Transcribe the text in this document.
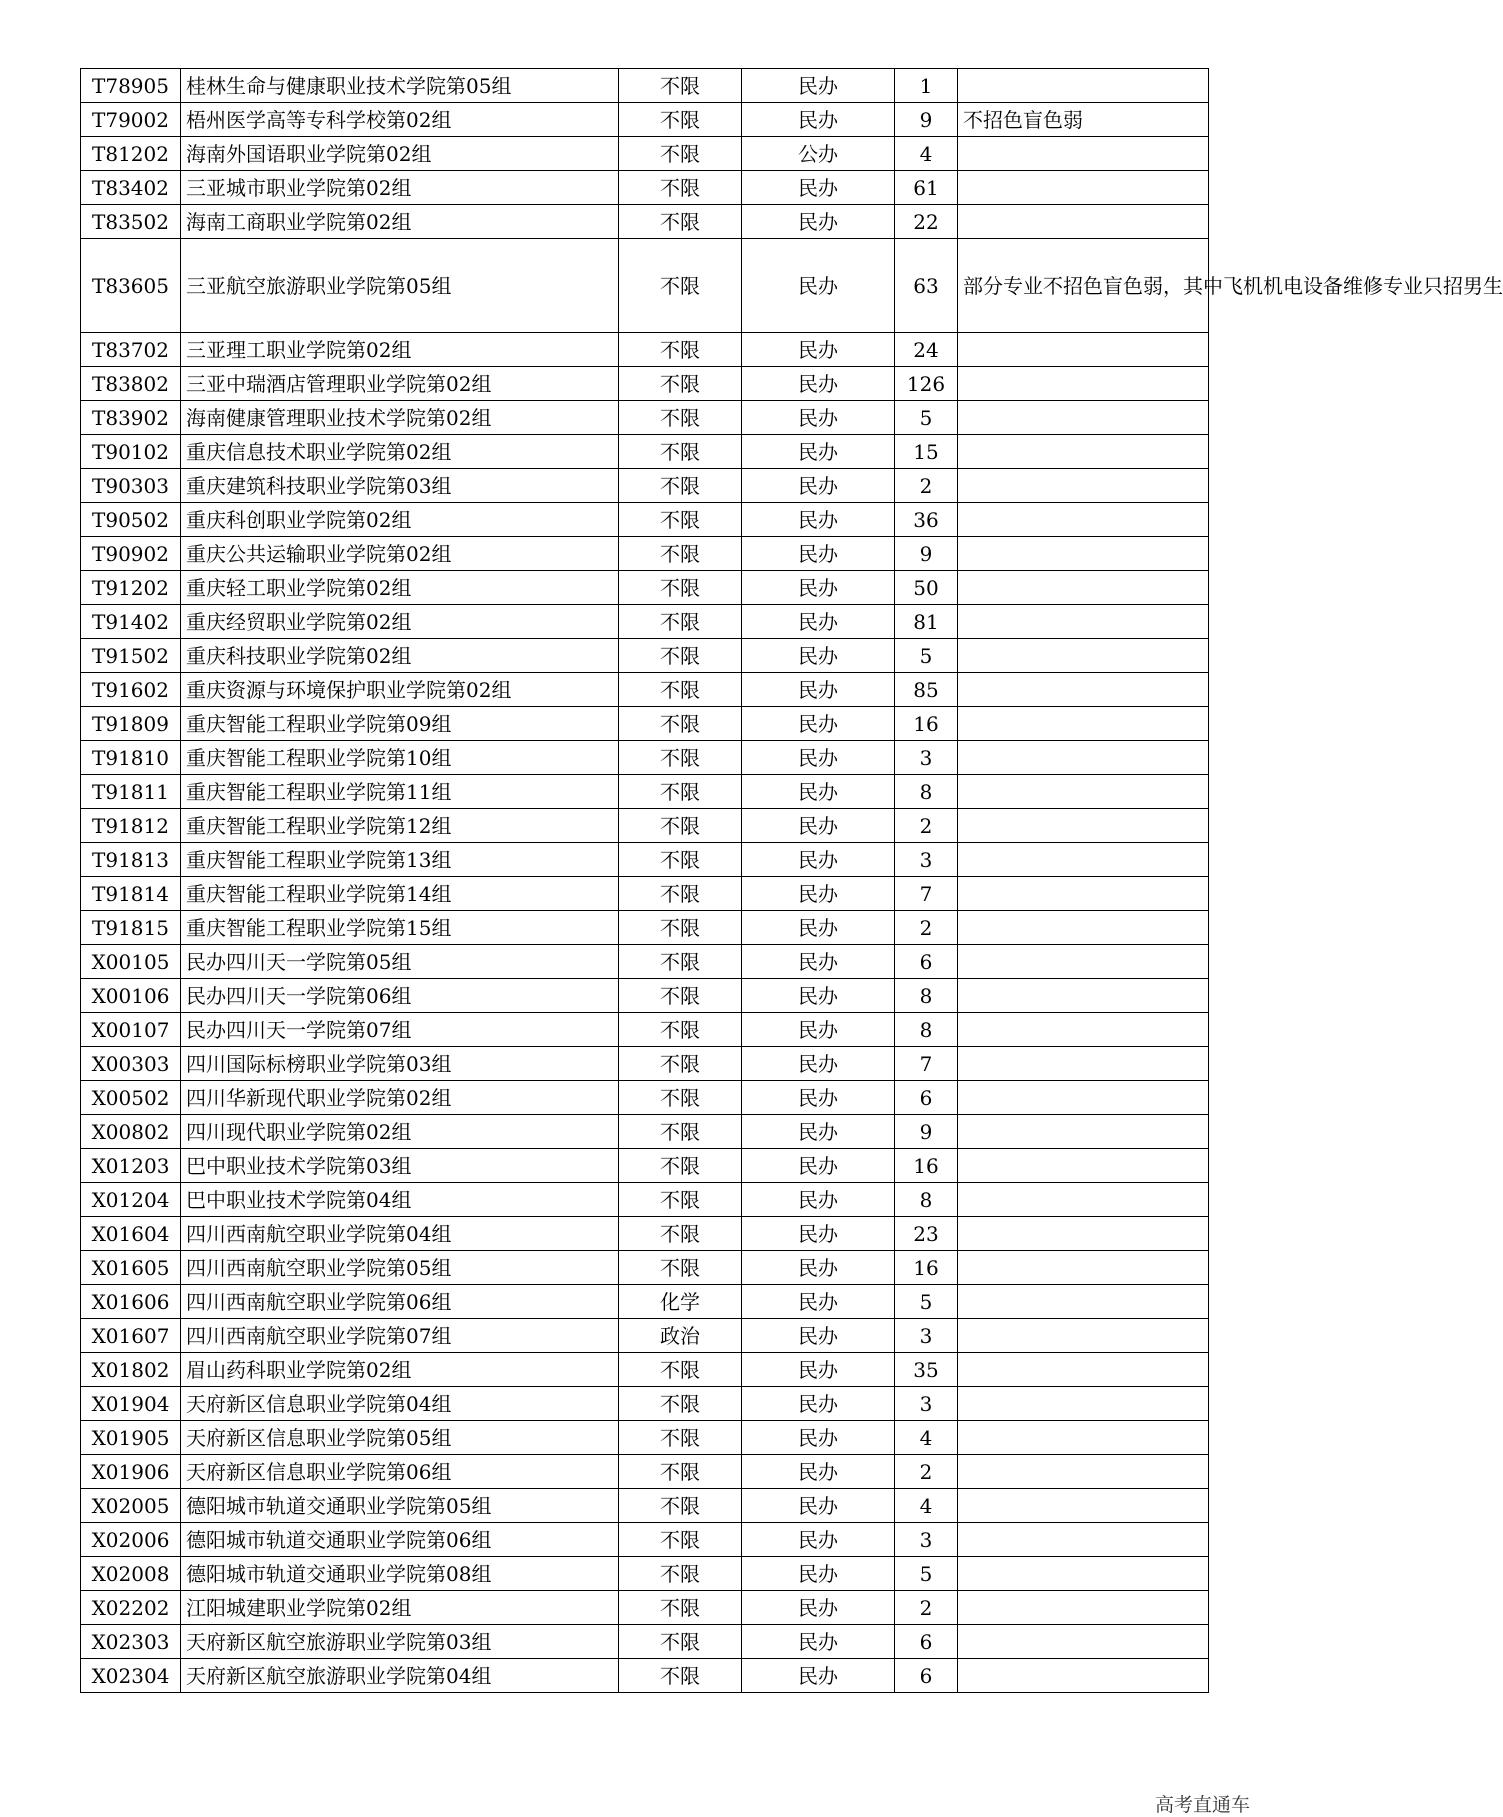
T78905	桂林生命与健康职业技术学院第05组	不限	民办	1	
T79002	梧州医学高等专科学校第02组	不限	民办	9	不招色盲色弱
T81202	海南外国语职业学院第02组	不限	公办	4	
T83402	三亚城市职业学院第02组	不限	民办	61	
T83502	海南工商职业学院第02组	不限	民办	22	
T83605	三亚航空旅游职业学院第05组	不限	民办	63	部分专业不招色盲色弱，其中飞机机电设备维修专业只招男生
T83702	三亚理工职业学院第02组	不限	民办	24	
T83802	三亚中瑞酒店管理职业学院第02组	不限	民办	126	
T83902	海南健康管理职业技术学院第02组	不限	民办	5	
T90102	重庆信息技术职业学院第02组	不限	民办	15	
T90303	重庆建筑科技职业学院第03组	不限	民办	2	
T90502	重庆科创职业学院第02组	不限	民办	36	
T90902	重庆公共运输职业学院第02组	不限	民办	9	
T91202	重庆轻工职业学院第02组	不限	民办	50	
T91402	重庆经贸职业学院第02组	不限	民办	81	
T91502	重庆科技职业学院第02组	不限	民办	5	
T91602	重庆资源与环境保护职业学院第02组	不限	民办	85	
T91809	重庆智能工程职业学院第09组	不限	民办	16	
T91810	重庆智能工程职业学院第10组	不限	民办	3	
T91811	重庆智能工程职业学院第11组	不限	民办	8	
T91812	重庆智能工程职业学院第12组	不限	民办	2	
T91813	重庆智能工程职业学院第13组	不限	民办	3	
T91814	重庆智能工程职业学院第14组	不限	民办	7	
T91815	重庆智能工程职业学院第15组	不限	民办	2	
X00105	民办四川天一学院第05组	不限	民办	6	
X00106	民办四川天一学院第06组	不限	民办	8	
X00107	民办四川天一学院第07组	不限	民办	8	
X00303	四川国际标榜职业学院第03组	不限	民办	7	
X00502	四川华新现代职业学院第02组	不限	民办	6	
X00802	四川现代职业学院第02组	不限	民办	9	
X01203	巴中职业技术学院第03组	不限	民办	16	
X01204	巴中职业技术学院第04组	不限	民办	8	
X01604	四川西南航空职业学院第04组	不限	民办	23	
X01605	四川西南航空职业学院第05组	不限	民办	16	
X01606	四川西南航空职业学院第06组	化学	民办	5	
X01607	四川西南航空职业学院第07组	政治	民办	3	
X01802	眉山药科职业学院第02组	不限	民办	35	
X01904	天府新区信息职业学院第04组	不限	民办	3	
X01905	天府新区信息职业学院第05组	不限	民办	4	
X01906	天府新区信息职业学院第06组	不限	民办	2	
X02005	德阳城市轨道交通职业学院第05组	不限	民办	4	
X02006	德阳城市轨道交通职业学院第06组	不限	民办	3	
X02008	德阳城市轨道交通职业学院第08组	不限	民办	5	
X02202	江阳城建职业学院第02组	不限	民办	2	
X02303	天府新区航空旅游职业学院第03组	不限	民办	6	
X02304	天府新区航空旅游职业学院第04组	不限	民办	6	
高考直通车
